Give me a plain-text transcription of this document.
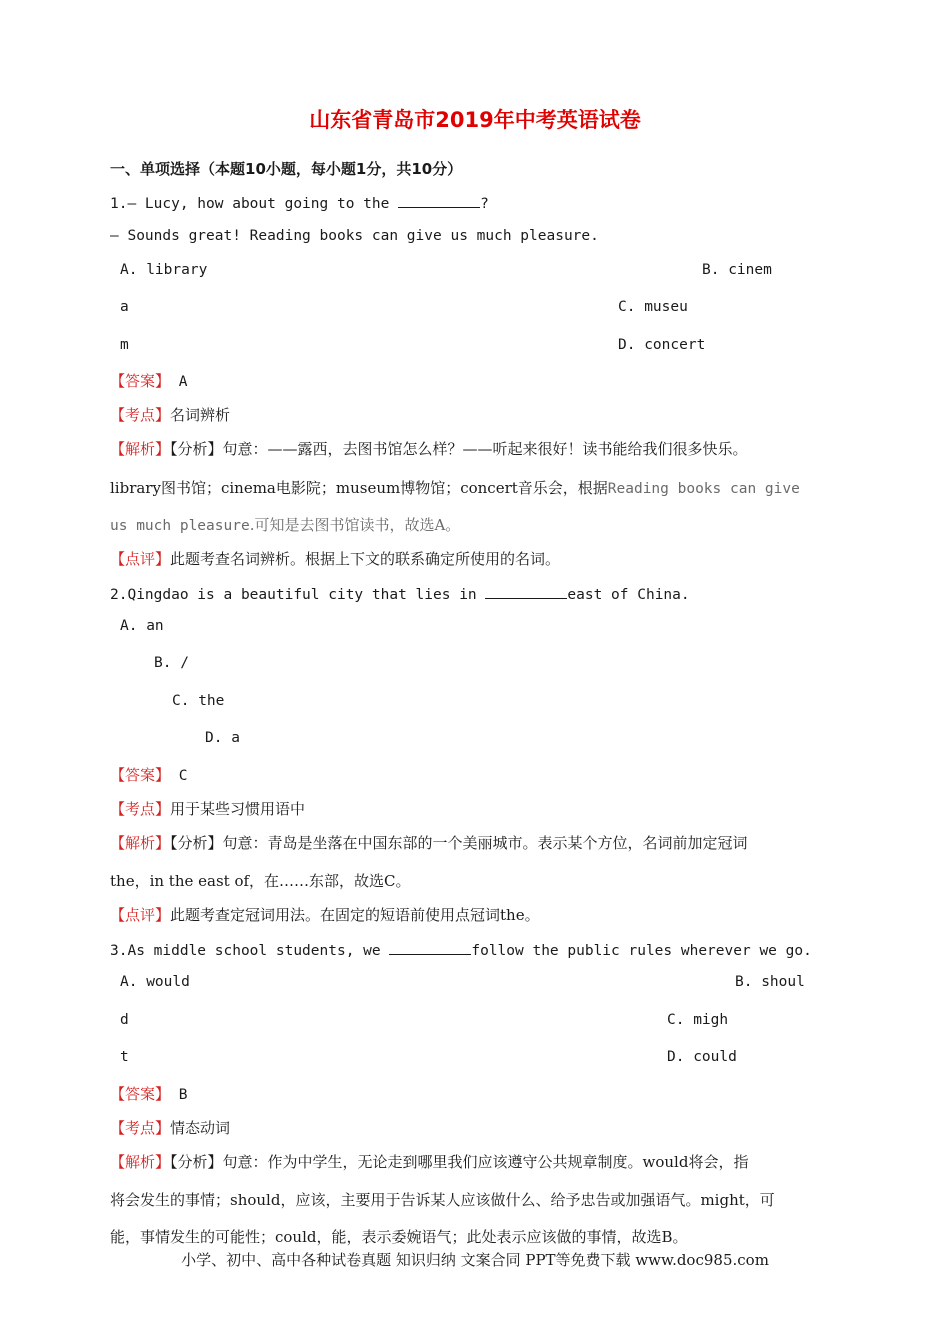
山东省青岛市2019年中考英语试卷
一、单项选择（本题10小题，每小题1分，共10分）
1.— Lucy, how about going to the	?
— Sounds great! Reading books can give us much pleasure.
A. library	B. cinem
a	C. museu
m	D. concert
【答案】 A
【考点】名词辨析
【解析】【分析】句意：——露西，去图书馆怎么样？——听起来很好！读书能给我们很多快乐。
library图书馆；cinema电影院；museum博物馆；concert音乐会，根据Reading books can give
us much pleasure.可知是去图书馆读书，故选A。
【点评】此题考查名词辨析。根据上下文的联系确定所使用的名词。
2.Qingdao is a beautiful city that lies in	east of China.
A. an
B. /
C. the
D. a
【答案】 C
【考点】用于某些习惯用语中
【解析】【分析】句意：青岛是坐落在中国东部的一个美丽城市。表示某个方位，名词前加定冠词
the，in the east of，在……东部，故选C。
【点评】此题考查定冠词用法。在固定的短语前使用点冠词the。
3.As middle school students, we	follow the public rules wherever we go.
A. would	B. shoul
d	C. migh
t	D. could
【答案】 B
【考点】情态动词
【解析】【分析】句意：作为中学生，无论走到哪里我们应该遵守公共规章制度。would将会，指
将会发生的事情；should，应该，主要用于告诉某人应该做什么、给予忠告或加强语气。might，可
能，事情发生的可能性；could，能，表示委婉语气；此处表示应该做的事情，故选B。
小学、初中、高中各种试卷真题 知识归纳 文案合同 PPT等免费下载 www.doc985.com
